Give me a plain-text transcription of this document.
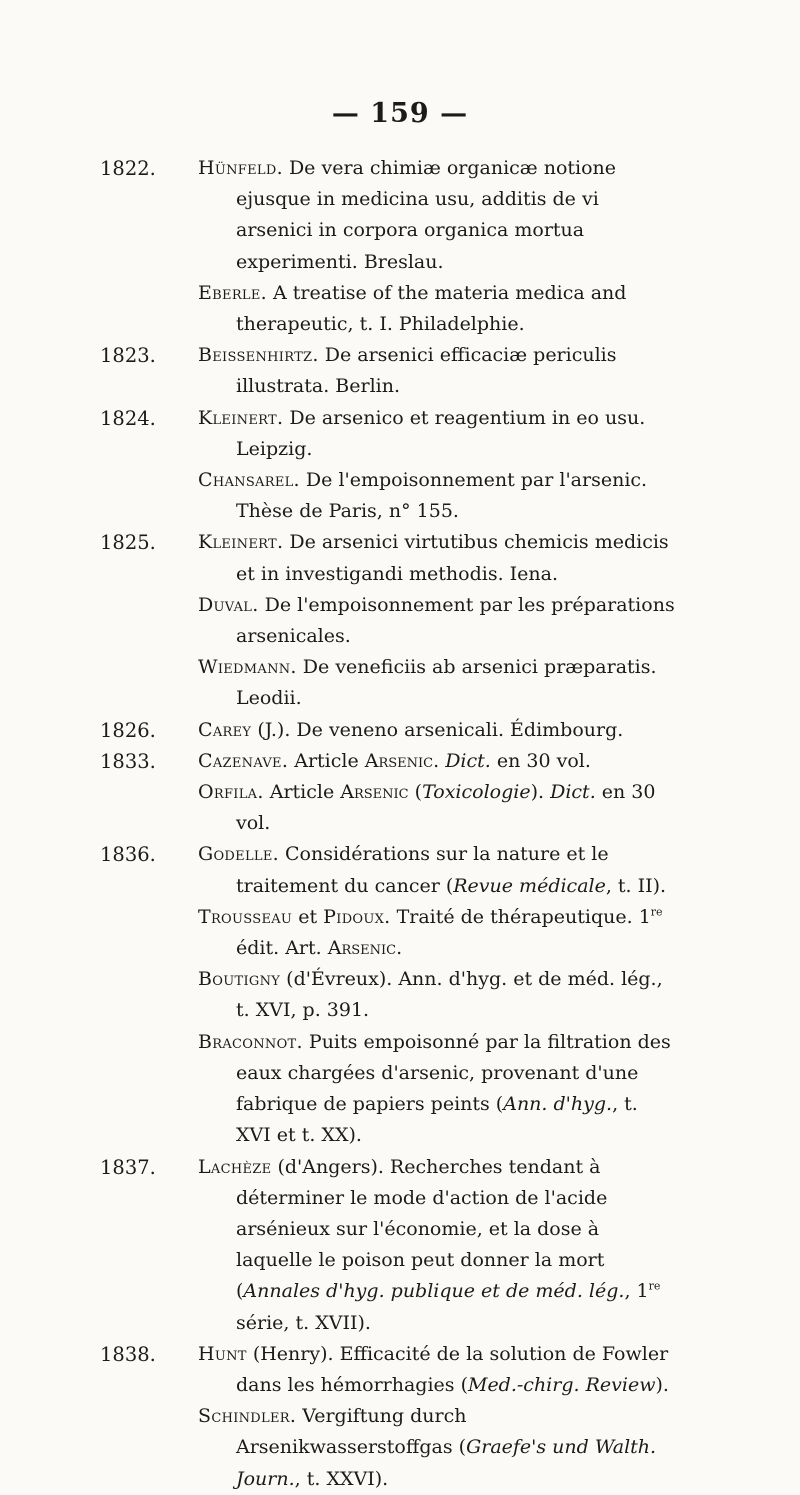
— 159 —
1822. Hünfeld. De vera chimiæ organicæ notione ejusque in medicina usu, additis de vi arsenici in corpora organica mortua experimenti. Breslau.
Eberle. A treatise of the materia medica and therapeutic, t. I. Philadelphie.
1823. Beissenhirtz. De arsenici efficaciæ periculis illustrata. Berlin.
1824. Kleinert. De arsenico et reagentium in eo usu. Leipzig.
Chansarel. De l'empoisonnement par l'arsenic. Thèse de Paris, n° 155.
1825. Kleinert. De arsenici virtutibus chemicis medicis et in investigandi methodis. Iena.
Duval. De l'empoisonnement par les préparations arsenicales.
Wiedmann. De veneficiis ab arsenici præparatis. Leodii.
1826. Carey (J.). De veneno arsenicali. Édimbourg.
1833. Cazenave. Article Arsenic. Dict. en 30 vol.
Orfila. Article Arsenic (Toxicologie). Dict. en 30 vol.
1836. Godelle. Considérations sur la nature et le traitement du cancer (Revue médicale, t. II).
Trousseau et Pidoux. Traité de thérapeutique. 1re édit. Art. Arsenic.
Boutigny (d'Évreux). Ann. d'hyg. et de méd. lég., t. XVI, p. 391.
Braconnot. Puits empoisonné par la filtration des eaux chargées d'arsenic, provenant d'une fabrique de papiers peints (Ann. d'hyg., t. XVI et t. XX).
1837. Lachèze (d'Angers). Recherches tendant à déterminer le mode d'action de l'acide arsénieux sur l'économie, et la dose à laquelle le poison peut donner la mort (Annales d'hyg. publique et de méd. lég., 1re série, t. XVII).
1838. Hunt (Henry). Efficacité de la solution de Fowler dans les hémorrhagies (Med.-chirg. Review).
Schindler. Vergiftung durch Arsenikwasserstoffgas (Graefe's und Walth. Journ., t. XXVI).
